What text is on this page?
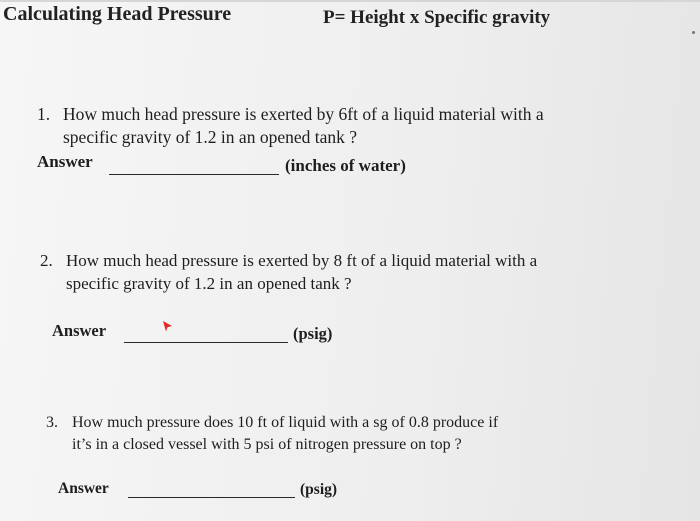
Calculating Head Pressure	P= Height x Specific gravity
1. How much head pressure is exerted by 6ft of a liquid material with a
specific gravity of 1.2 in an opened tank ?
Answer	(inches of water)
2. How much head pressure is exerted by 8 ft of a liquid material with a
specific gravity of 1.2 in an opened tank ?
Answer	(psig)
3. How much pressure does 10 ft of liquid with a sg of 0.8 produce if
it’s in a closed vessel with 5 psi of nitrogen pressure on top ?
Answer	(psig)
